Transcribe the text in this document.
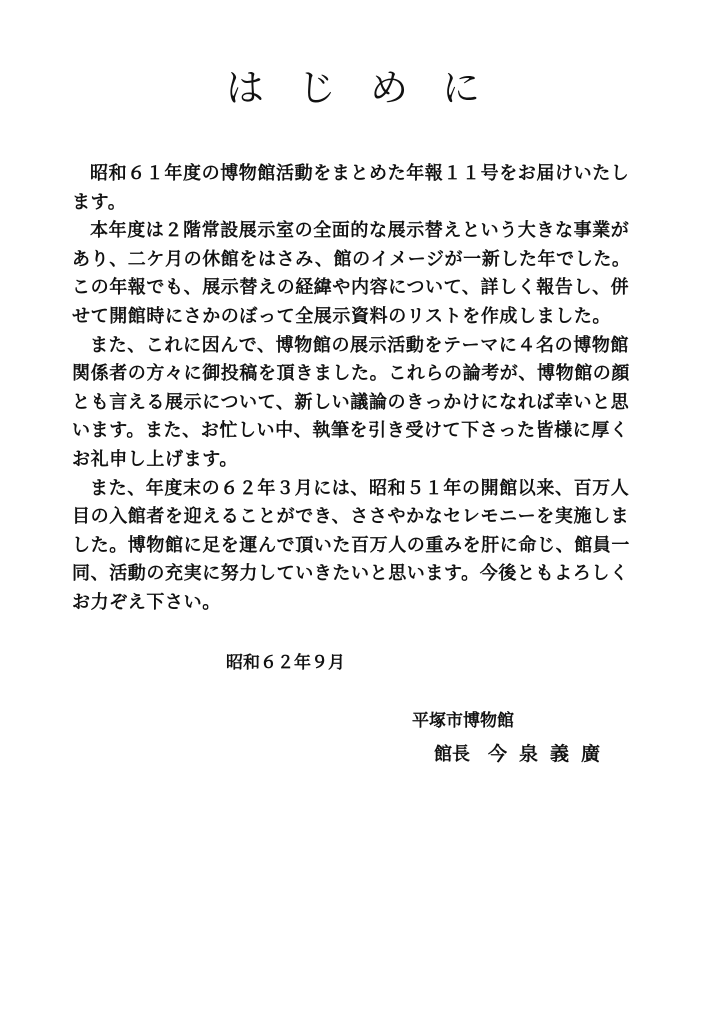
はじめに
昭和６１年度の博物館活動をまとめた年報１１号をお届けいたし
ます。
本年度は２階常設展示室の全面的な展示替えという大きな事業が
あり、二ケ月の休館をはさみ、館のイメージが一新した年でした。
この年報でも、展示替えの経緯や内容について、詳しく報告し、併
せて開館時にさかのぼって全展示資料のリストを作成しました。
また、これに因んで、博物館の展示活動をテーマに４名の博物館
関係者の方々に御投稿を頂きました。これらの論考が、博物館の顔
とも言える展示について、新しい議論のきっかけになれば幸いと思
います。また、お忙しい中、執筆を引き受けて下さった皆様に厚く
お礼申し上げます。
また、年度末の６２年３月には、昭和５１年の開館以来、百万人
目の入館者を迎えることができ、ささやかなセレモニーを実施しま
した。博物館に足を運んで頂いた百万人の重みを肝に命じ、館員一
同、活動の充実に努力していきたいと思います。今後ともよろしく
お力ぞえ下さい。
昭和６２年９月
平塚市博物館
館長 今泉義廣
